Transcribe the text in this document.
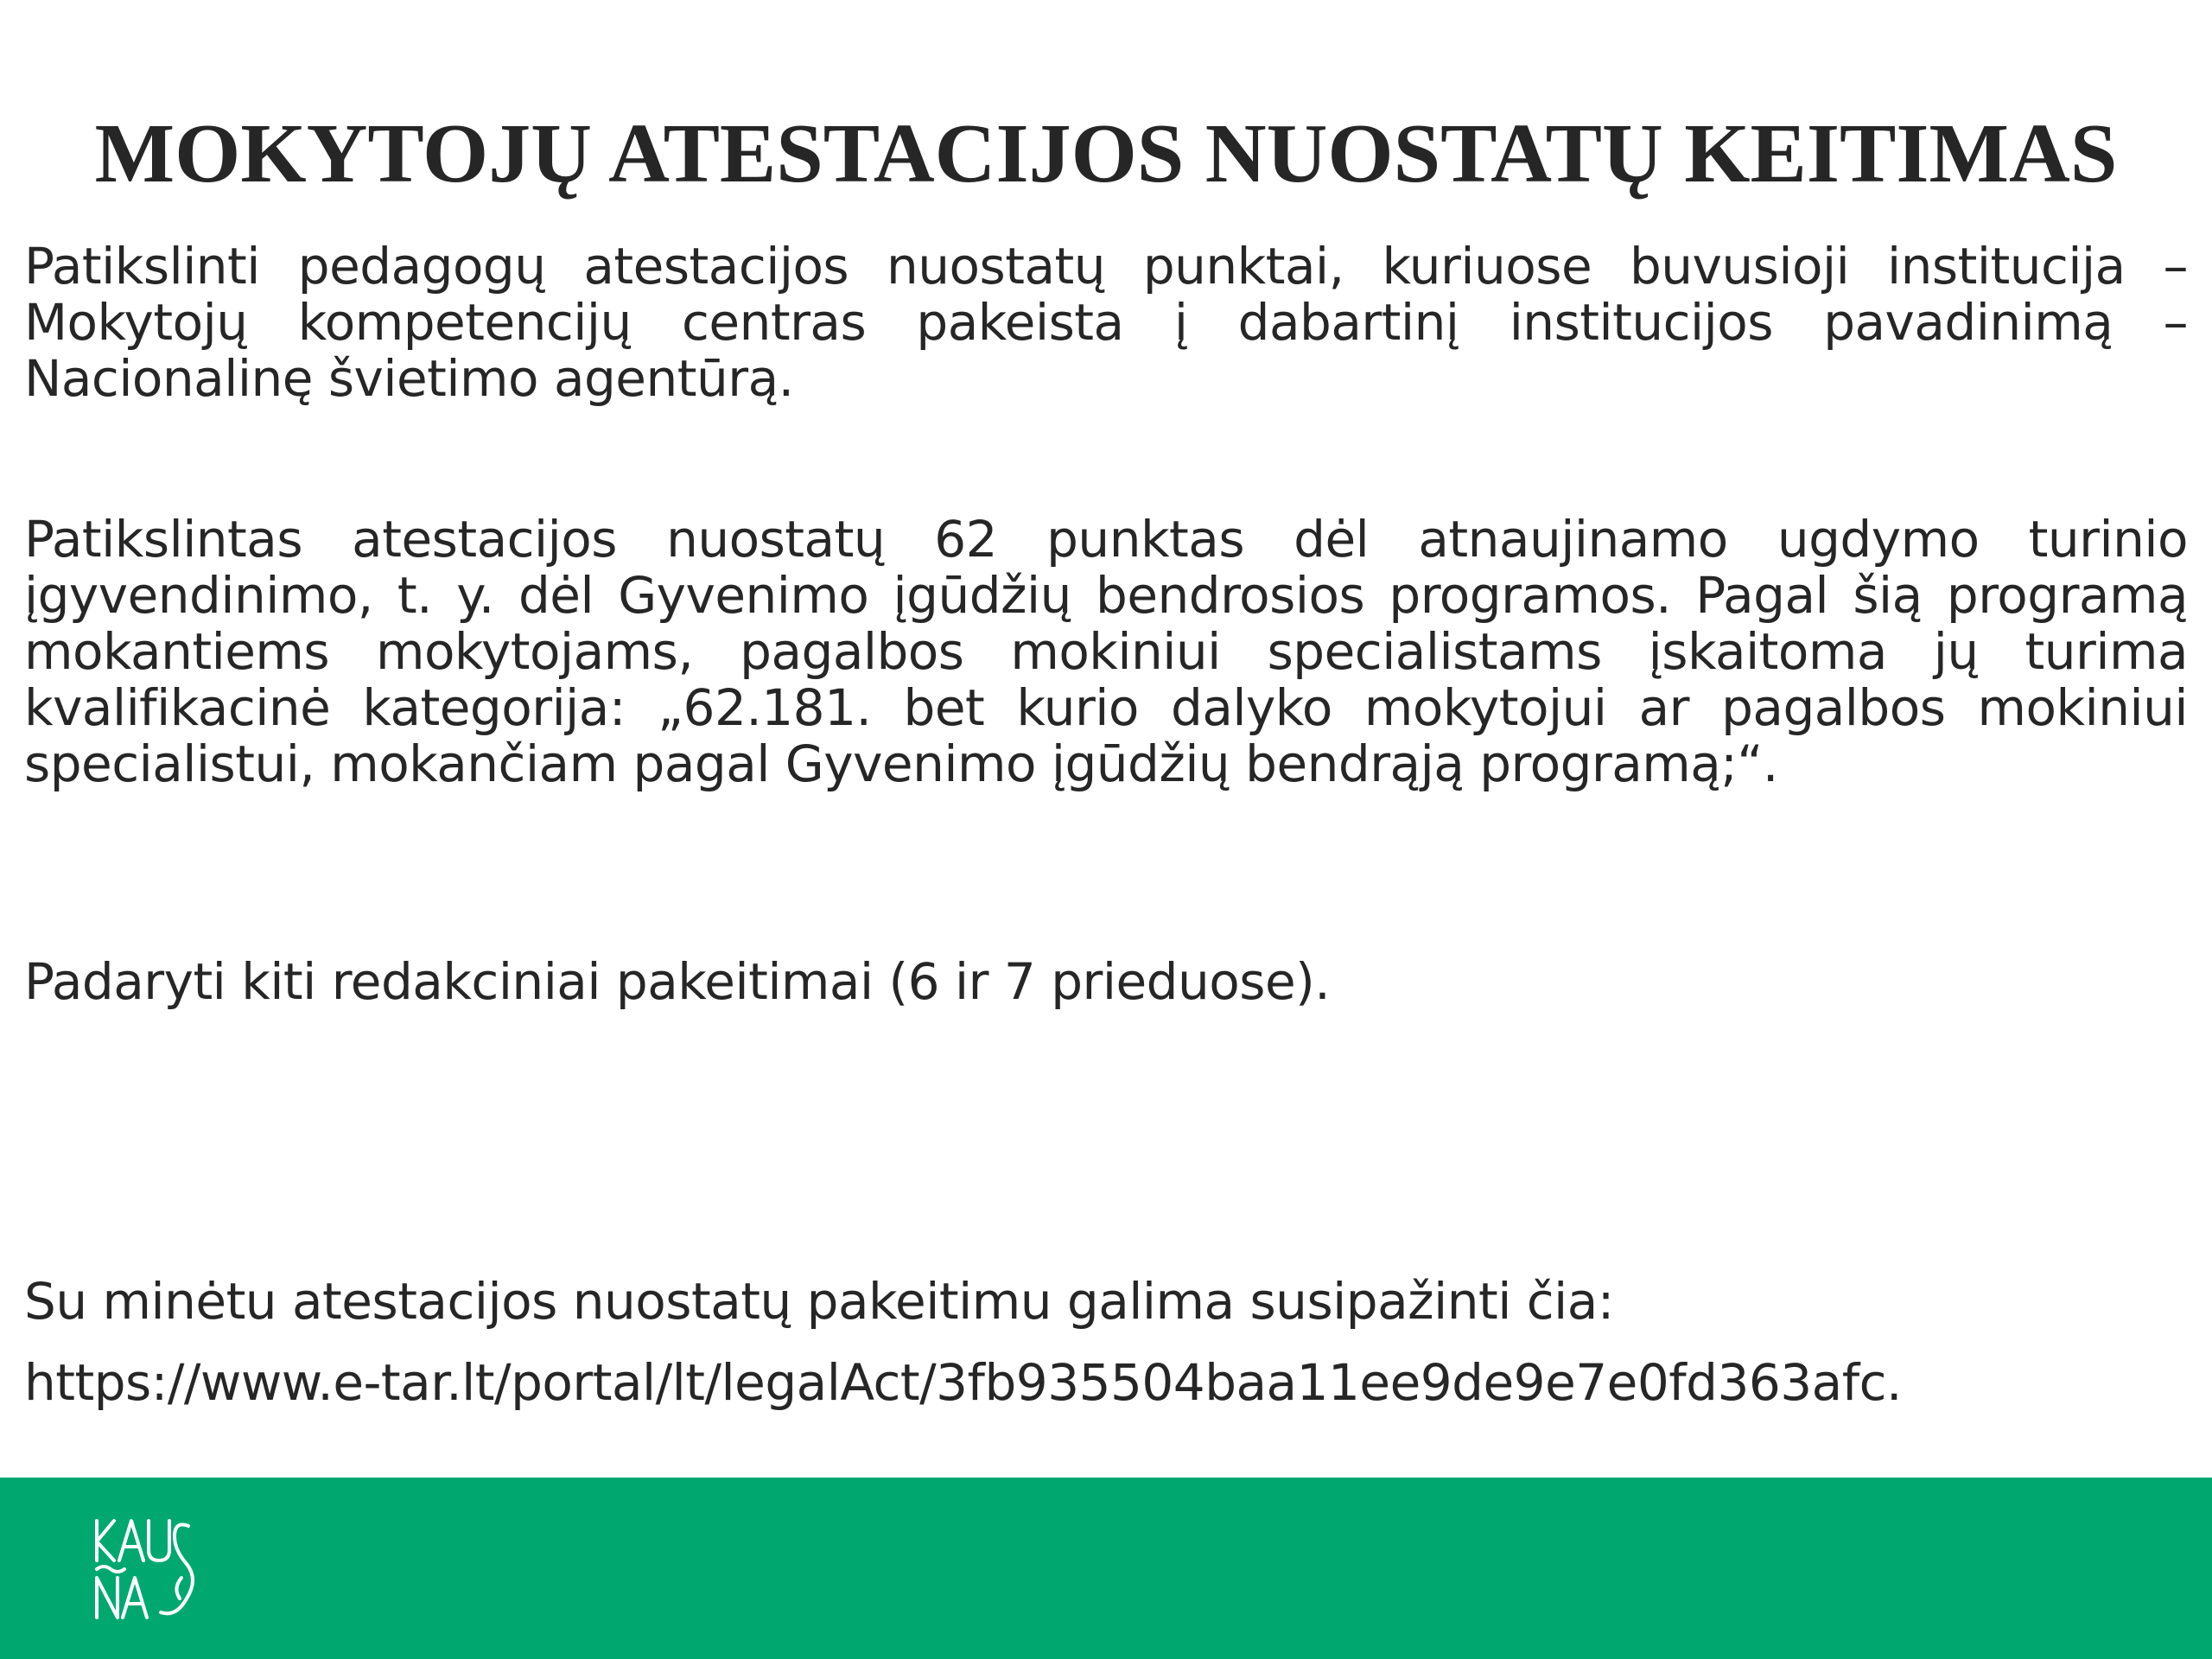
MOKYTOJŲ ATESTACIJOS NUOSTATŲ KEITIMAS

Patikslinti pedagogų atestacijos nuostatų punktai, kuriuose buvusioji institucija – Mokytojų kompetencijų centras pakeista į dabartinį institucijos pavadinimą – Nacionalinę švietimo agentūrą.

Patikslintas atestacijos nuostatų 62 punktas dėl atnaujinamo ugdymo turinio įgyvendinimo, t. y. dėl Gyvenimo įgūdžių bendrosios programos. Pagal šią programą mokantiems mokytojams, pagalbos mokiniui specialistams įskaitoma jų turima kvalifikacinė kategorija: „62.181. bet kurio dalyko mokytojui ar pagalbos mokiniui specialistui, mokančiam pagal Gyvenimo įgūdžių bendrąją programą;“.

Padaryti kiti redakciniai pakeitimai (6 ir 7 prieduose).

Su minėtu atestacijos nuostatų pakeitimu galima susipažinti čia:

https://www.e-tar.lt/portal/lt/legalAct/3fb935504baa11ee9de9e7e0fd363afc.
